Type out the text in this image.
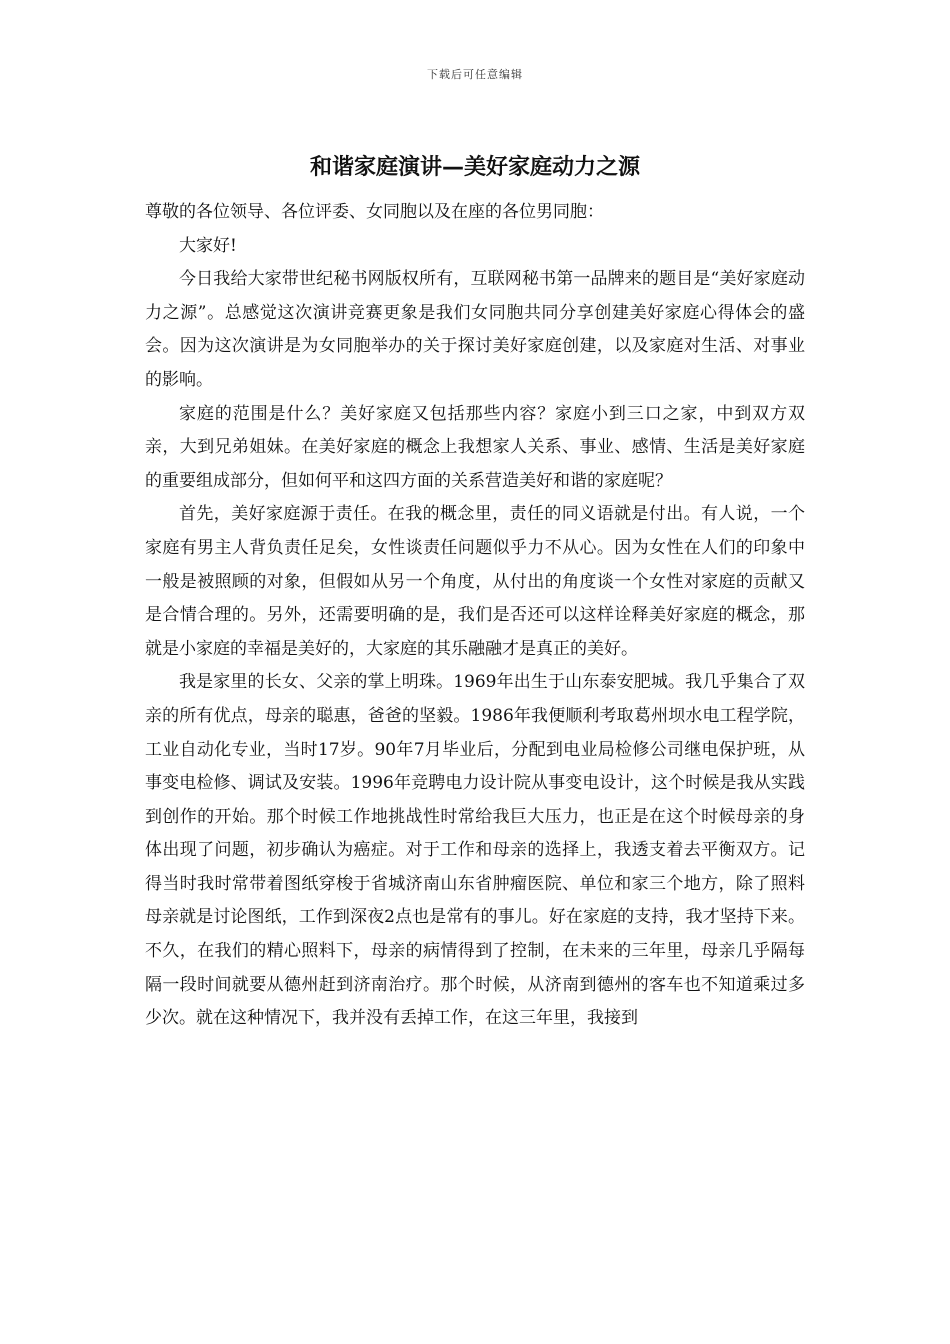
下载后可任意编辑
和谐家庭演讲—美好家庭动力之源

尊敬的各位领导、各位评委、女同胞以及在座的各位男同胞：

大家好!

今日我给大家带世纪秘书网版权所有，互联网秘书第一品牌来的题目是“美好家庭动力之源”。总感觉这次演讲竞赛更象是我们女同胞共同分享创建美好家庭心得体会的盛会。因为这次演讲是为女同胞举办的关于探讨美好家庭创建，以及家庭对生活、对事业的影响。

家庭的范围是什么？美好家庭又包括那些内容？家庭小到三口之家，中到双方双亲，大到兄弟姐妹。在美好家庭的概念上我想家人关系、事业、感情、生活是美好家庭的重要组成部分，但如何平和这四方面的关系营造美好和谐的家庭呢？

首先，美好家庭源于责任。在我的概念里，责任的同义语就是付出。有人说，一个家庭有男主人背负责任足矣，女性谈责任问题似乎力不从心。因为女性在人们的印象中一般是被照顾的对象，但假如从另一个角度，从付出的角度谈一个女性对家庭的贡献又是合情合理的。另外，还需要明确的是，我们是否还可以这样诠释美好家庭的概念，那就是小家庭的幸福是美好的，大家庭的其乐融融才是真正的美好。

我是家里的长女、父亲的掌上明珠。1969年出生于山东泰安肥城。我几乎集合了双亲的所有优点，母亲的聪惠，爸爸的坚毅。1986年我便顺利考取葛州坝水电工程学院，工业自动化专业，当时17岁。90年7月毕业后，分配到电业局检修公司继电保护班，从事变电检修、调试及安装。1996年竞聘电力设计院从事变电设计，这个时候是我从实践到创作的开始。那个时候工作地挑战性时常给我巨大压力，也正是在这个时候母亲的身体出现了问题，初步确认为癌症。对于工作和母亲的选择上，我透支着去平衡双方。记得当时我时常带着图纸穿梭于省城济南山东省肿瘤医院、单位和家三个地方，除了照料母亲就是讨论图纸，工作到深夜2点也是常有的事儿。好在家庭的支持，我才坚持下来。不久，在我们的精心照料下，母亲的病情得到了控制，在未来的三年里，母亲几乎隔每隔一段时间就要从德州赶到济南治疗。那个时候，从济南到德州的客车也不知道乘过多少次。就在这种情况下，我并没有丢掉工作，在这三年里，我接到
